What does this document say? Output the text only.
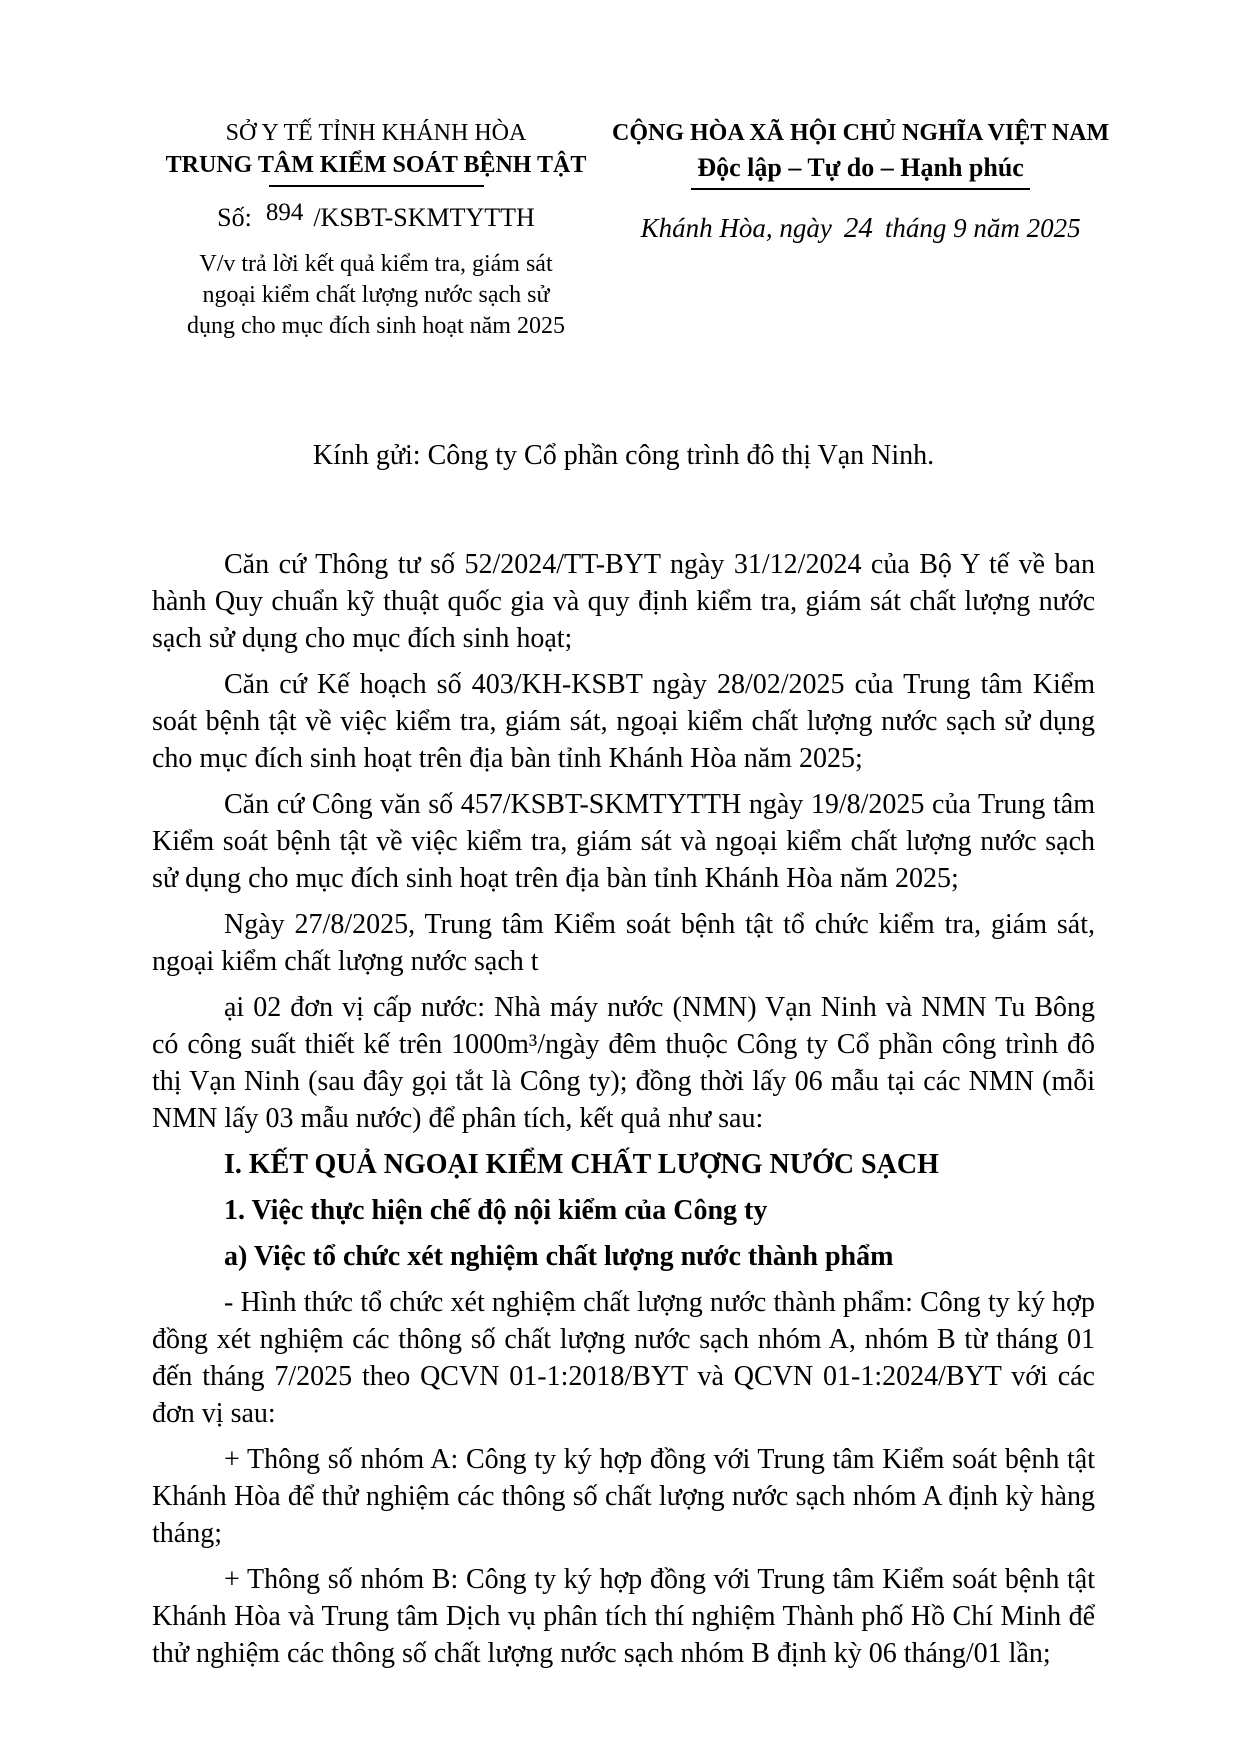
SỞ Y TẾ TỈNH KHÁNH HÒA
TRUNG TÂM KIỂM SOÁT BỆNH TẬT
Số: 894 /KSBT-SKMTYTTH
V/v trả lời kết quả kiểm tra, giám sát
ngoại kiểm chất lượng nước sạch sử
dụng cho mục đích sinh hoạt năm 2025
CỘNG HÒA XÃ HỘI CHỦ NGHĨA VIỆT NAM
Độc lập – Tự do – Hạnh phúc
Khánh Hòa, ngày 24 tháng 9 năm 2025
Kính gửi: Công ty Cổ phần công trình đô thị Vạn Ninh.

Căn cứ Thông tư số 52/2024/TT-BYT ngày 31/12/2024 của Bộ Y tế về ban hành Quy chuẩn kỹ thuật quốc gia và quy định kiểm tra, giám sát chất lượng nước sạch sử dụng cho mục đích sinh hoạt;

Căn cứ Kế hoạch số 403/KH-KSBT ngày 28/02/2025 của Trung tâm Kiểm soát bệnh tật về việc kiểm tra, giám sát, ngoại kiểm chất lượng nước sạch sử dụng cho mục đích sinh hoạt trên địa bàn tỉnh Khánh Hòa năm 2025;

Căn cứ Công văn số 457/KSBT-SKMTYTTH ngày 19/8/2025 của Trung tâm Kiểm soát bệnh tật về việc kiểm tra, giám sát và ngoại kiểm chất lượng nước sạch sử dụng cho mục đích sinh hoạt trên địa bàn tỉnh Khánh Hòa năm 2025;

Ngày 27/8/2025, Trung tâm Kiểm soát bệnh tật tổ chức kiểm tra, giám sát, ngoại kiểm chất lượng nước sạch t

ại 02 đơn vị cấp nước: Nhà máy nước (NMN) Vạn Ninh và NMN Tu Bông có công suất thiết kế trên 1000m³/ngày đêm thuộc Công ty Cổ phần công trình đô thị Vạn Ninh (sau đây gọi tắt là Công ty); đồng thời lấy 06 mẫu tại các NMN (mỗi NMN lấy 03 mẫu nước) để phân tích, kết quả như sau:

I. KẾT QUẢ NGOẠI KIỂM CHẤT LƯỢNG NƯỚC SẠCH

1. Việc thực hiện chế độ nội kiểm của Công ty

a) Việc tổ chức xét nghiệm chất lượng nước thành phẩm

- Hình thức tổ chức xét nghiệm chất lượng nước thành phẩm: Công ty ký hợp đồng xét nghiệm các thông số chất lượng nước sạch nhóm A, nhóm B từ tháng 01 đến tháng 7/2025 theo QCVN 01-1:2018/BYT và QCVN 01-1:2024/BYT với các đơn vị sau:

+ Thông số nhóm A: Công ty ký hợp đồng với Trung tâm Kiểm soát bệnh tật Khánh Hòa để thử nghiệm các thông số chất lượng nước sạch nhóm A định kỳ hàng tháng;

+ Thông số nhóm B: Công ty ký hợp đồng với Trung tâm Kiểm soát bệnh tật Khánh Hòa và Trung tâm Dịch vụ phân tích thí nghiệm Thành phố Hồ Chí Minh để thử nghiệm các thông số chất lượng nước sạch nhóm B định kỳ 06 tháng/01 lần;
